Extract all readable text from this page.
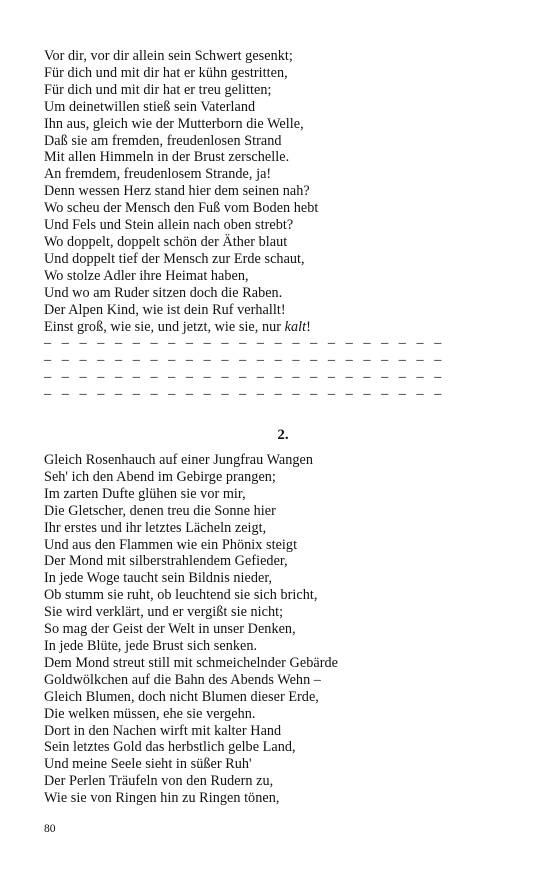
Vor dir, vor dir allein sein Schwert gesenkt;
Für dich und mit dir hat er kühn gestritten,
Für dich und mit dir hat er treu gelitten;
Um deinetwillen stieß sein Vaterland
Ihn aus, gleich wie der Mutterborn die Welle,
Daß sie am fremden, freudenlosen Strand
Mit allen Himmeln in der Brust zerschelle.
An fremdem, freudenlosem Strande, ja!
Denn wessen Herz stand hier dem seinen nah?
Wo scheu der Mensch den Fuß vom Boden hebt
Und Fels und Stein allein nach oben strebt?
Wo doppelt, doppelt schön der Äther blaut
Und doppelt tief der Mensch zur Erde schaut,
Wo stolze Adler ihre Heimat haben,
Und wo am Ruder sitzen doch die Raben.
Der Alpen Kind, wie ist dein Ruf verhallt!
Einst groß, wie sie, und jetzt, wie sie, nur kalt!
– – – – – – – – – – – – – – – – – – – – – – –
– – – – – – – – – – – – – – – – – – – – – – –
– – – – – – – – – – – – – – – – – – – – – – –
– – – – – – – – – – – – – – – – – – – – – – –
2.
Gleich Rosenhauch auf einer Jungfrau Wangen
Seh' ich den Abend im Gebirge prangen;
Im zarten Dufte glühen sie vor mir,
Die Gletscher, denen treu die Sonne hier
Ihr erstes und ihr letztes Lächeln zeigt,
Und aus den Flammen wie ein Phönix steigt
Der Mond mit silberstrahlendem Gefieder,
In jede Woge taucht sein Bildnis nieder,
Ob stumm sie ruht, ob leuchtend sie sich bricht,
Sie wird verklärt, und er vergißt sie nicht;
So mag der Geist der Welt in unser Denken,
In jede Blüte, jede Brust sich senken.
Dem Mond streut still mit schmeichelnder Gebärde
Goldwölkchen auf die Bahn des Abends Wehn –
Gleich Blumen, doch nicht Blumen dieser Erde,
Die welken müssen, ehe sie vergehn.
Dort in den Nachen wirft mit kalter Hand
Sein letztes Gold das herbstlich gelbe Land,
Und meine Seele sieht in süßer Ruh'
Der Perlen Träufeln von den Rudern zu,
Wie sie von Ringen hin zu Ringen tönen,
80
